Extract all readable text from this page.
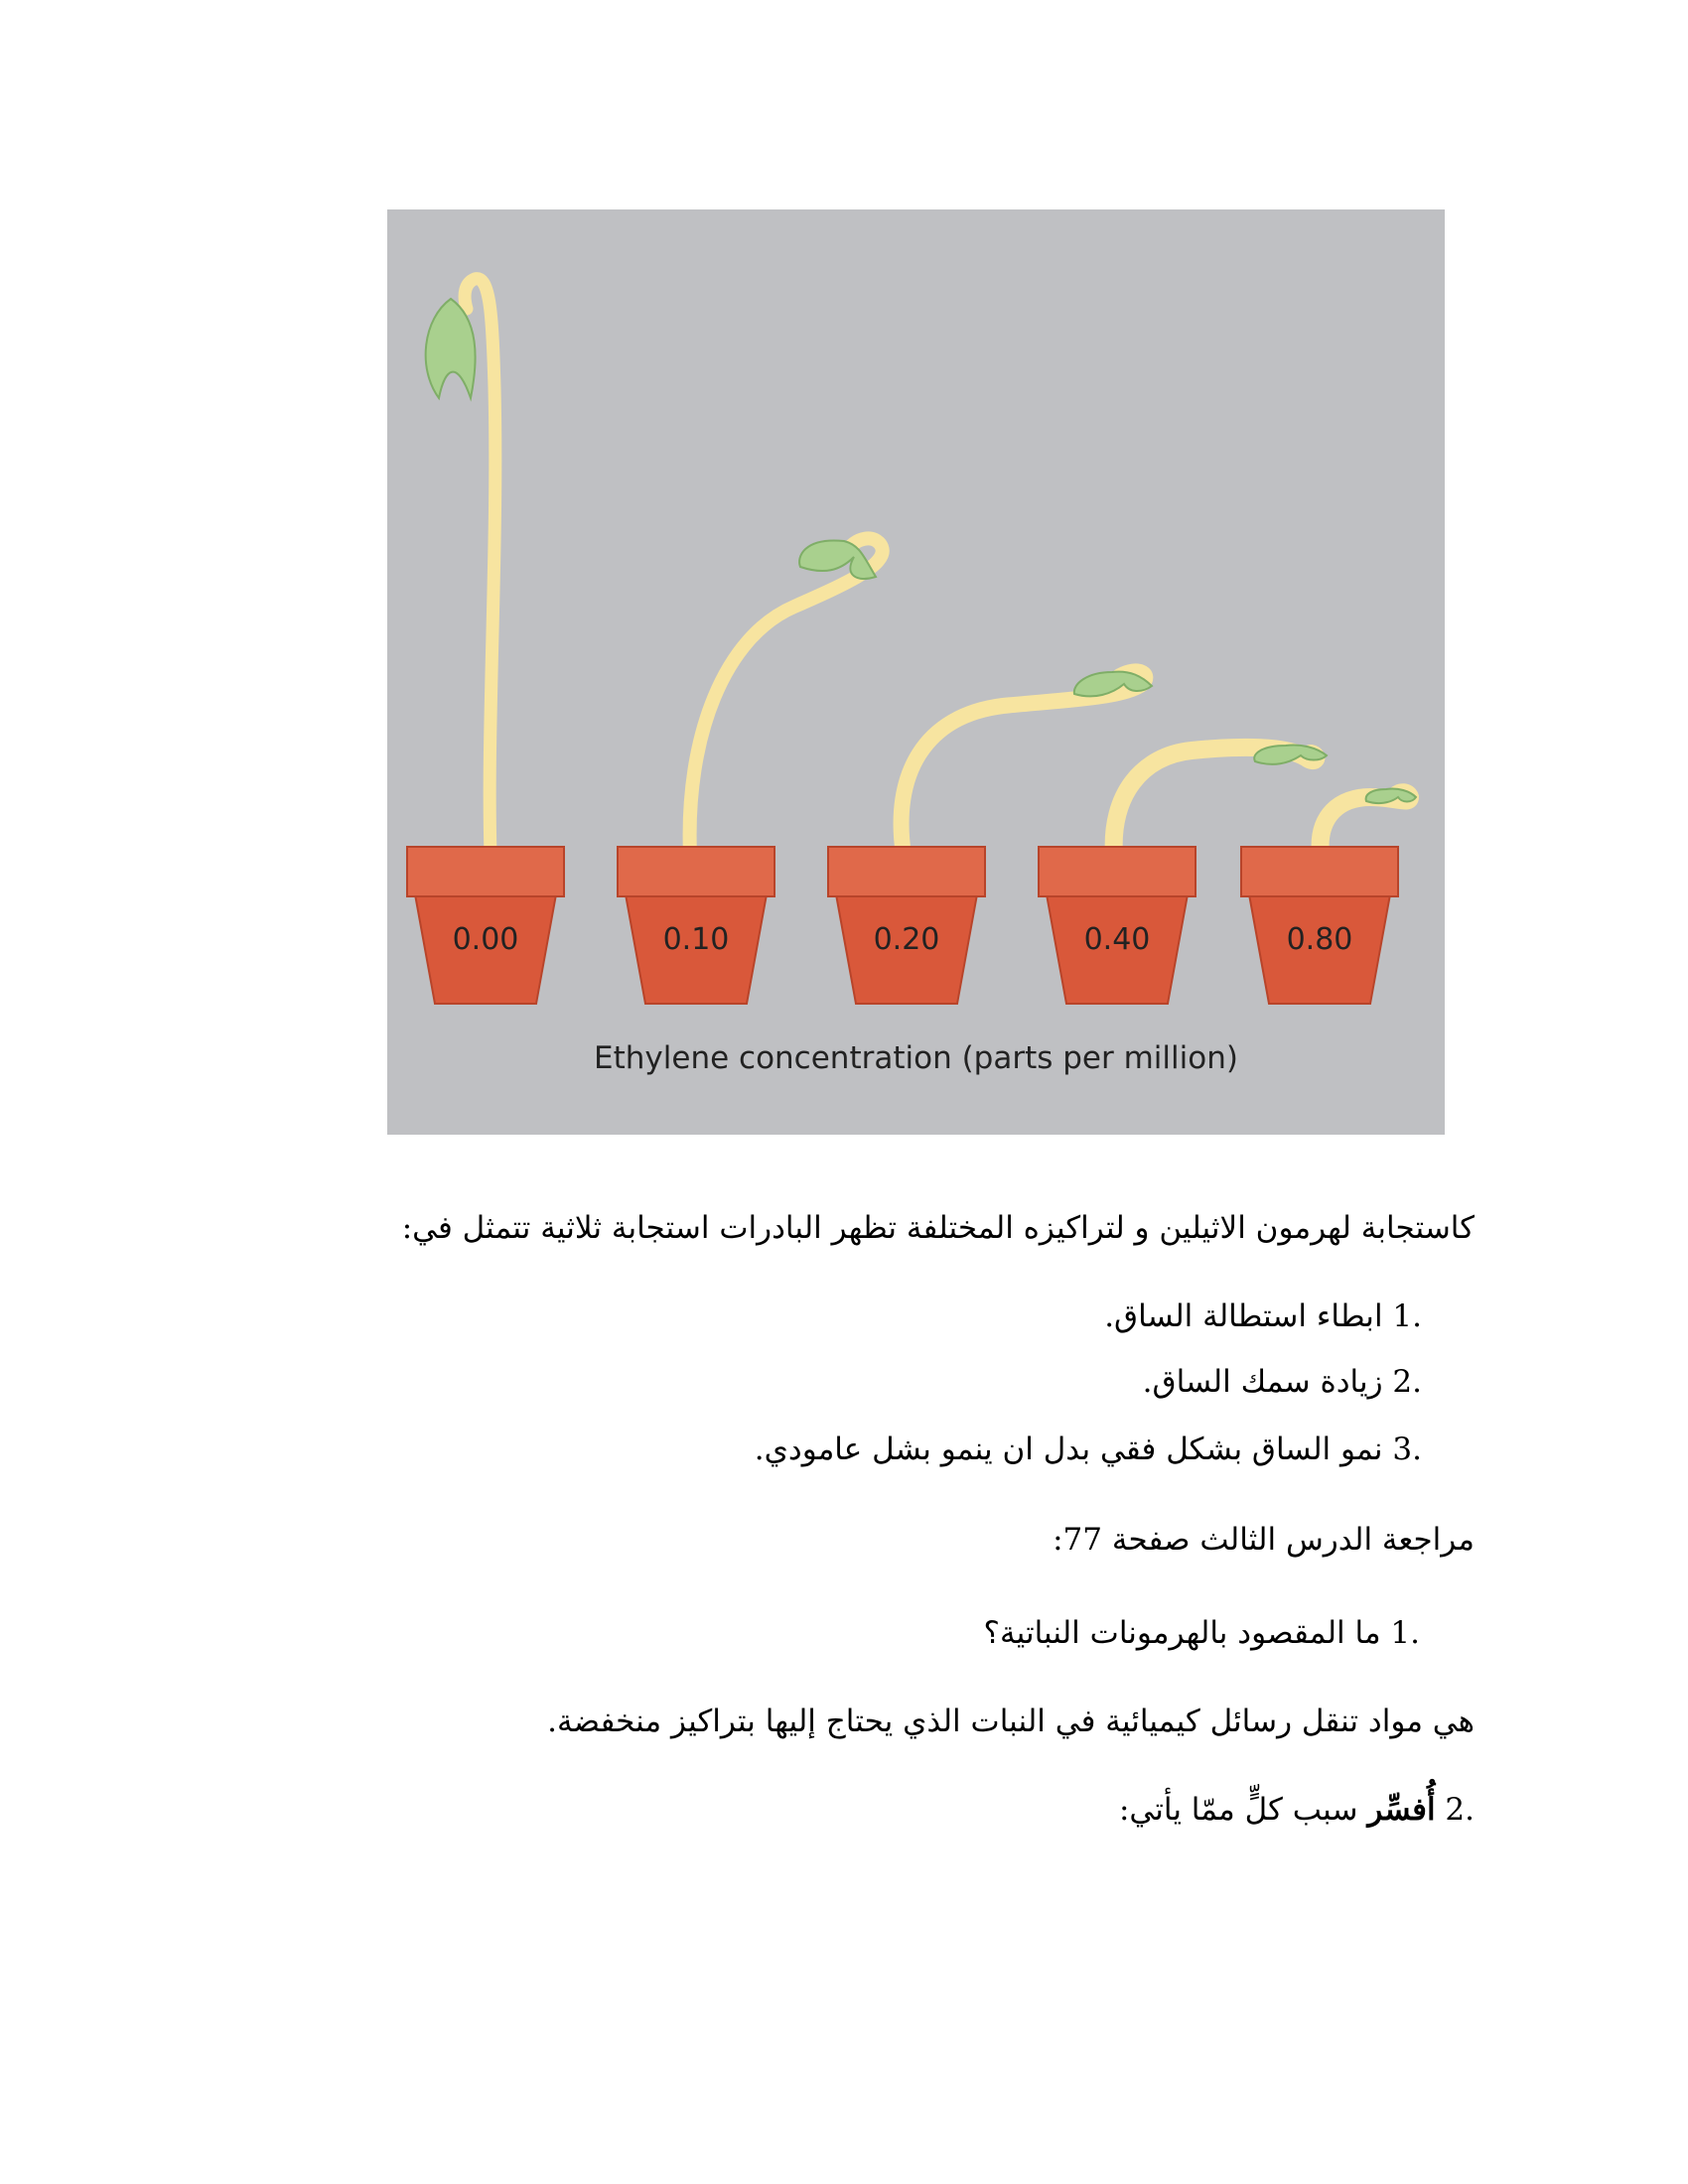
0.00	0.10	0.20	0.40	0.80
Ethylene concentration (parts per million)
كاستجابة لهرمون الاثيلين و لتراكيزه المختلفة تظهر البادرات استجابة ثلاثية تتمثل في:
1. ابطاء استطالة الساق.
2. زيادة سمك الساق.
3. نمو الساق بشكل فقي بدل ان ينمو بشل عامودي.
مراجعة الدرس الثالث صفحة 77:
1. ما المقصود بالهرمونات النباتية؟
هي مواد تنقل رسائل كيميائية في النبات الذي يحتاج إليها بتراكيز منخفضة.
2. أُفسِّر سبب كلٍّ ممّا يأتي:
